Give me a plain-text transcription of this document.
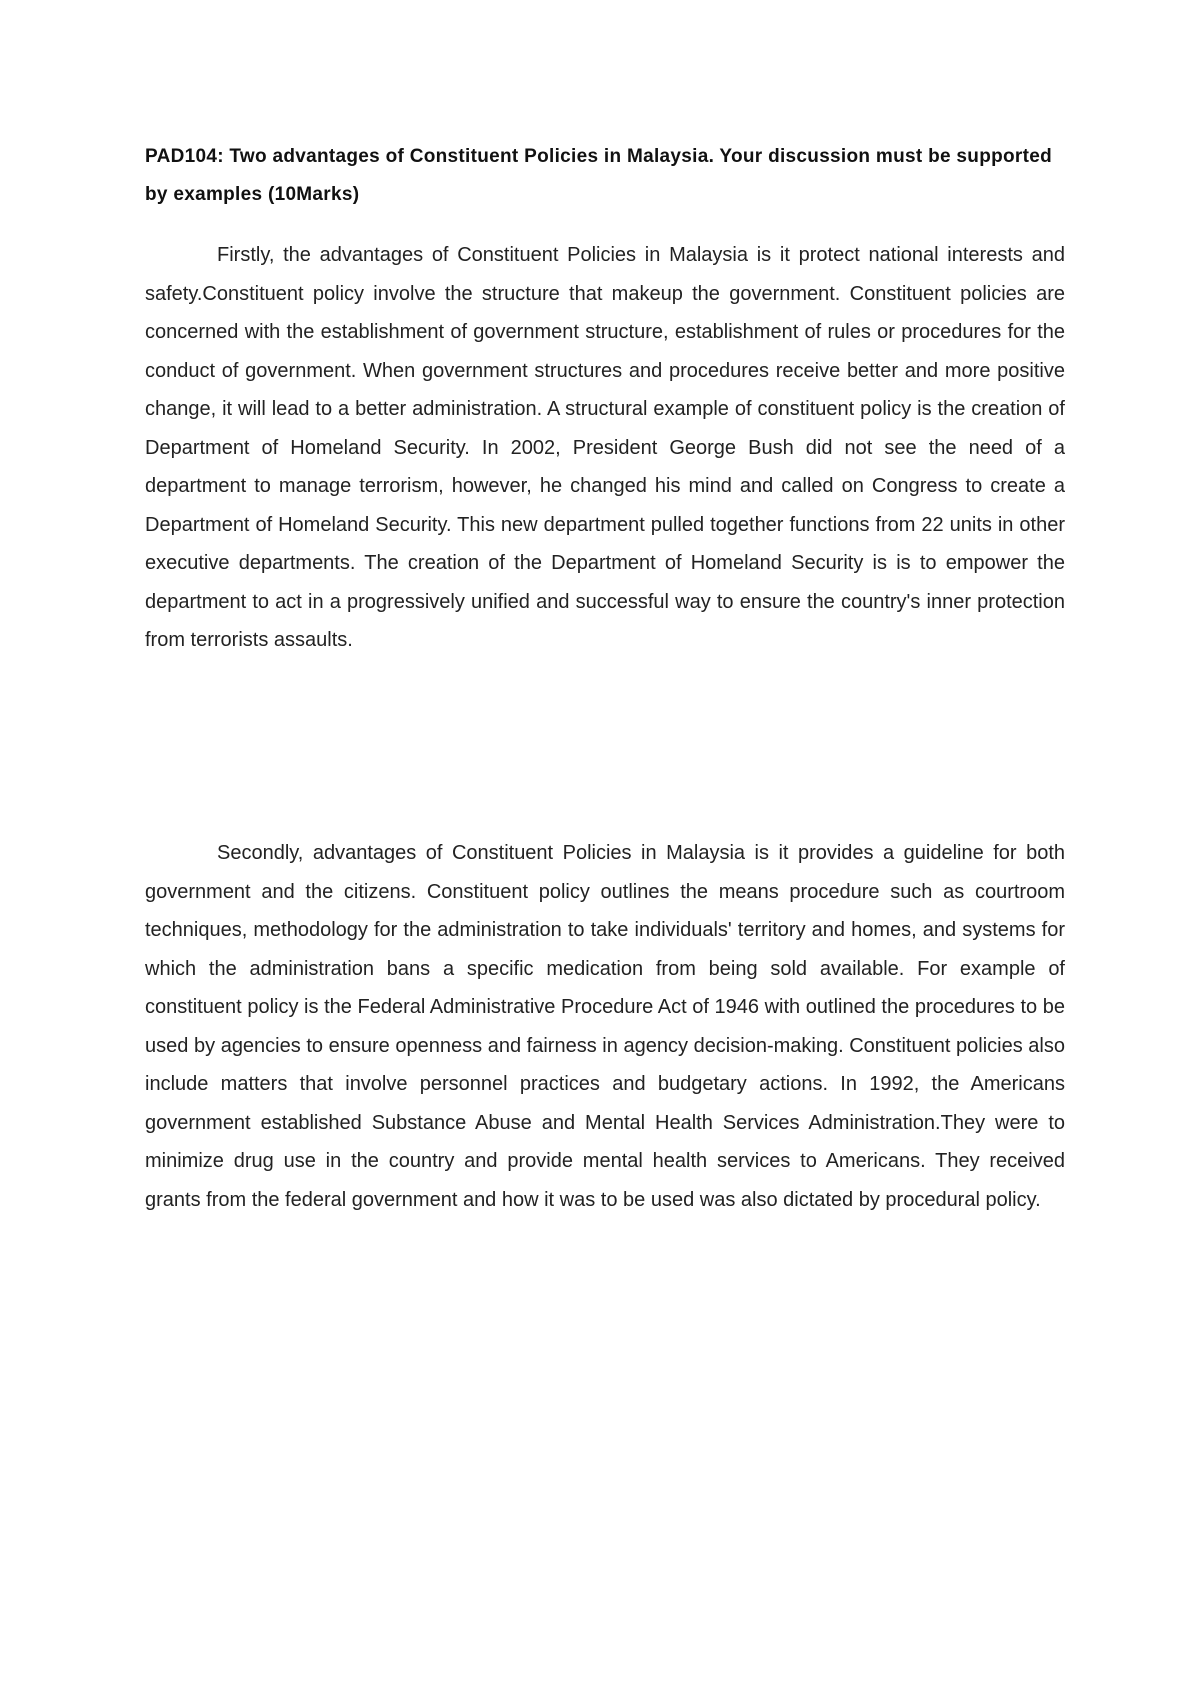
PAD104: Two advantages of Constituent Policies in Malaysia. Your discussion must be supported by examples (10Marks)

Firstly, the advantages of Constituent Policies in Malaysia is it protect national interests and safety.Constituent policy involve the structure that makeup the government. Constituent policies are concerned with the establishment of government structure, establishment of rules or procedures for the conduct of government. When government structures and procedures receive better and more positive change, it will lead to a better administration. A structural example of constituent policy is the creation of Department of Homeland Security. In 2002, President George Bush did not see the need of a department to manage terrorism, however, he changed his mind and called on Congress to create a Department of Homeland Security. This new department pulled together functions from 22 units in other executive departments. The creation of the Department of Homeland Security is is to empower the department to act in a progressively unified and successful way to ensure the country's inner protection from terrorists assaults.

Secondly, advantages of Constituent Policies in Malaysia is it provides a guideline for both government and the citizens. Constituent policy outlines the means procedure such as courtroom techniques, methodology for the administration to take individuals' territory and homes, and systems for which the administration bans a specific medication from being sold available. For example of constituent policy is the Federal Administrative Procedure Act of 1946 with outlined the procedures to be used by agencies to ensure openness and fairness in agency decision-making. Constituent policies also include matters that involve personnel practices and budgetary actions. In 1992, the Americans government established Substance Abuse and Mental Health Services Administration.They were to minimize drug use in the country and provide mental health services to Americans. They received grants from the federal government and how it was to be used was also dictated by procedural policy.
